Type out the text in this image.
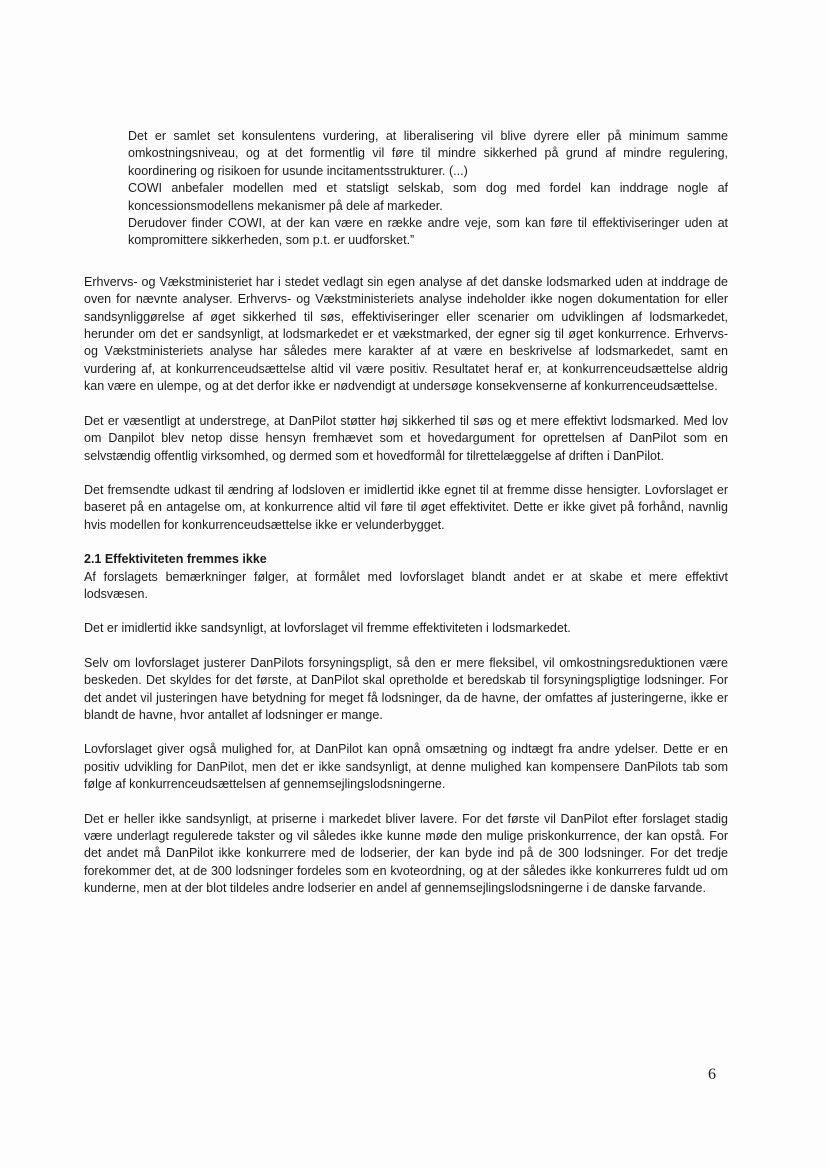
Det er samlet set konsulentens vurdering, at liberalisering vil blive dyrere eller på minimum samme omkostningsniveau, og at det formentlig vil føre til mindre sikkerhed på grund af mindre regulering, koordinering og risikoen for usunde incitamentsstrukturer. (...)

COWI anbefaler modellen med et statsligt selskab, som dog med fordel kan inddrage nogle af koncessionsmodellens mekanismer på dele af markeder.

Derudover finder COWI, at der kan være en række andre veje, som kan føre til effektiviseringer uden at kompromittere sikkerheden, som p.t. er uudforsket.”

Erhvervs- og Vækstministeriet har i stedet vedlagt sin egen analyse af det danske lodsmarked uden at inddrage de oven for nævnte analyser. Erhvervs- og Vækstministeriets analyse indeholder ikke nogen dokumentation for eller sandsynliggørelse af øget sikkerhed til søs, effektiviseringer eller scenarier om udviklingen af lodsmarkedet, herunder om det er sandsynligt, at lodsmarkedet er et vækstmarked, der egner sig til øget konkurrence. Erhvervs- og Vækstministeriets analyse har således mere karakter af at være en beskrivelse af lodsmarkedet, samt en vurdering af, at konkurrenceudsættelse altid vil være positiv. Resultatet heraf er, at konkurrenceudsættelse aldrig kan være en ulempe, og at det derfor ikke er nødvendigt at undersøge konsekvenserne af konkurrenceudsættelse.

Det er væsentligt at understrege, at DanPilot støtter høj sikkerhed til søs og et mere effektivt lodsmarked. Med lov om Danpilot blev netop disse hensyn fremhævet som et hovedargument for oprettelsen af DanPilot som en selvstændig offentlig virksomhed, og dermed som et hovedformål for tilrettelæggelse af driften i DanPilot.

Det fremsendte udkast til ændring af lodsloven er imidlertid ikke egnet til at fremme disse hensigter. Lovforslaget er baseret på en antagelse om, at konkurrence altid vil føre til øget effektivitet. Dette er ikke givet på forhånd, navnlig hvis modellen for konkurrenceudsættelse ikke er velunderbygget.

2.1 Effektiviteten fremmes ikke

Af forslagets bemærkninger følger, at formålet med lovforslaget blandt andet er at skabe et mere effektivt lodsvæsen.

Det er imidlertid ikke sandsynligt, at lovforslaget vil fremme effektiviteten i lodsmarkedet.

Selv om lovforslaget justerer DanPilots forsyningspligt, så den er mere fleksibel, vil omkostningsreduktionen være beskeden. Det skyldes for det første, at DanPilot skal opretholde et beredskab til forsyningspligtige lodsninger. For det andet vil justeringen have betydning for meget få lodsninger, da de havne, der omfattes af justeringerne, ikke er blandt de havne, hvor antallet af lodsninger er mange.

Lovforslaget giver også mulighed for, at DanPilot kan opnå omsætning og indtægt fra andre ydelser. Dette er en positiv udvikling for DanPilot, men det er ikke sandsynligt, at denne mulighed kan kompensere DanPilots tab som følge af konkurrenceudsættelsen af gennemsejlingslodsningerne.

Det er heller ikke sandsynligt, at priserne i markedet bliver lavere. For det første vil DanPilot efter forslaget stadig være underlagt regulerede takster og vil således ikke kunne møde den mulige priskonkurrence, der kan opstå. For det andet må DanPilot ikke konkurrere med de lodserier, der kan byde ind på de 300 lodsninger. For det tredje forekommer det, at de 300 lodsninger fordeles som en kvoteordning, og at der således ikke konkurreres fuldt ud om kunderne, men at der blot tildeles andre lodserier en andel af gennemsejlingslodsningerne i de danske farvande.

6
